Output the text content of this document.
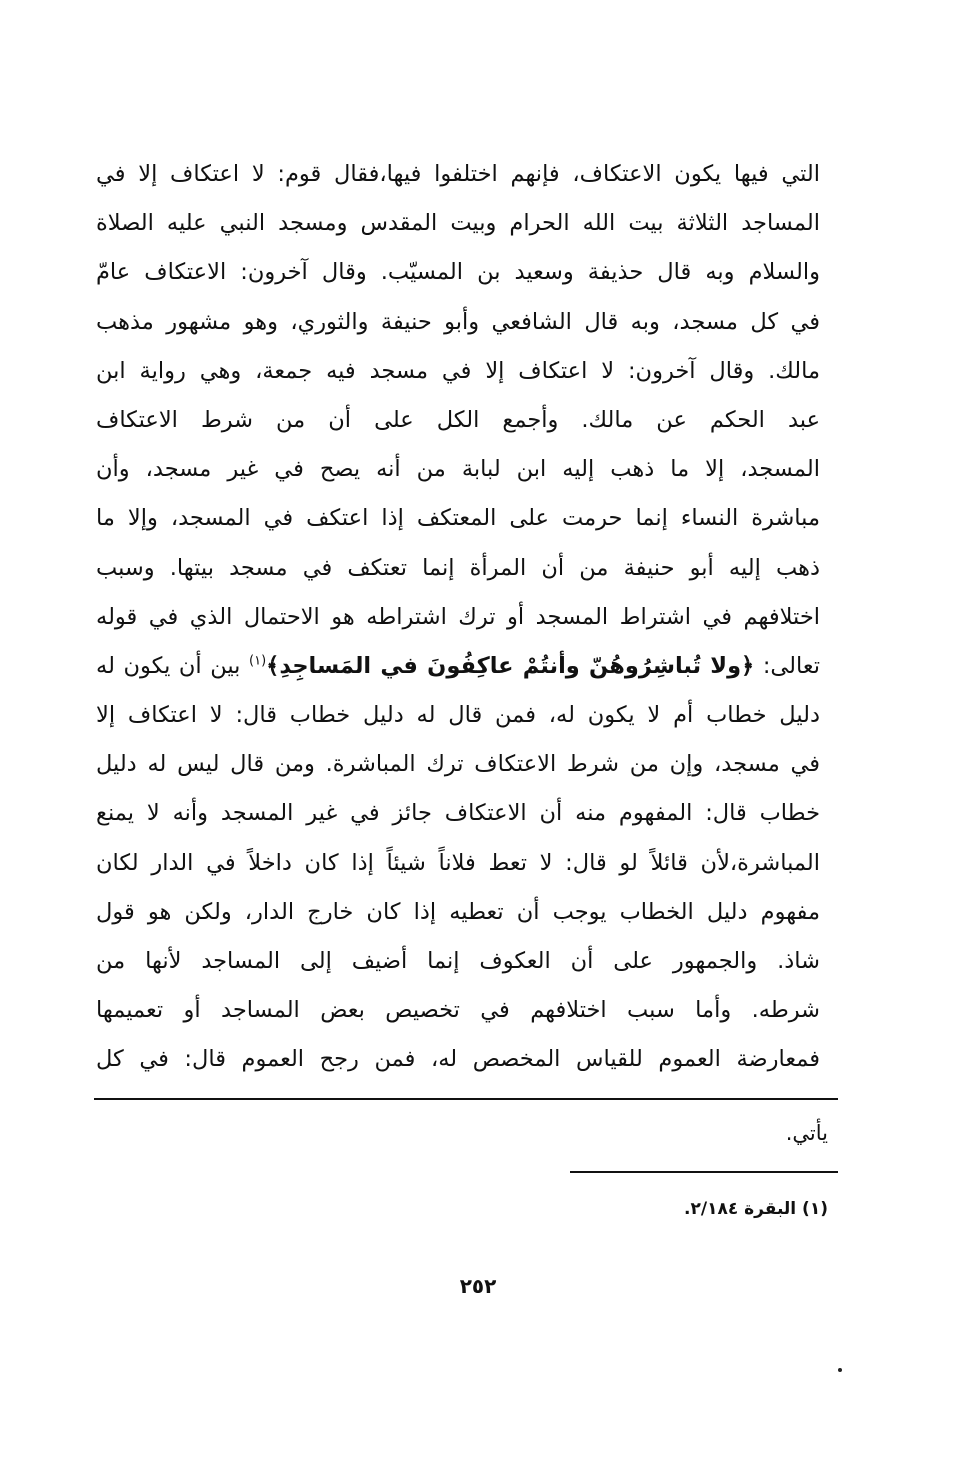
التي فيها يكون الاعتكاف، فإنهم اختلفوا فيها،فقال قوم: لا اعتكاف إلا في
المساجد الثلاثة بيت الله الحرام وبيت المقدس ومسجد النبي عليه الصلاة
والسلام وبه قال حذيفة وسعيد بن المسيّب. وقال آخرون: الاعتكاف عامّ
في كل مسجد، وبه قال الشافعي وأبو حنيفة والثوري، وهو مشهور مذهب
مالك. وقال آخرون: لا اعتكاف إلا في مسجد فيه جمعة، وهي رواية ابن
عبد الحكم عن مالك. وأجمع الكل على أن من شرط الاعتكاف
المسجد، إلا ما ذهب إليه ابن لبابة من أنه يصح في غير مسجد، وأن
مباشرة النساء إنما حرمت على المعتكف إذا اعتكف في المسجد، وإلا ما
ذهب إليه أبو حنيفة من أن المرأة إنما تعتكف في مسجد بيتها. وسبب
اختلافهم في اشتراط المسجد أو ترك اشتراطه هو الاحتمال الذي في قوله
تعالى: ﴿ولا تُباشِرُوهُنّ وأنتُمْ عاكِفُونَ في المَساجِدِ﴾$^{(١)}$ بين أن يكون له
دليل خطاب أم لا يكون له، فمن قال له دليل خطاب قال: لا اعتكاف إلا
في مسجد، وإن من شرط الاعتكاف ترك المباشرة. ومن قال ليس له دليل
خطاب قال: المفهوم منه أن الاعتكاف جائز في غير المسجد وأنه لا يمنع
المباشرة،لأن قائلاً لو قال: لا تعط فلاناً شيئاً إذا كان داخلاً في الدار لكان
مفهوم دليل الخطاب يوجب أن تعطيه إذا كان خارج الدار، ولكن هو قول
شاذ. والجمهور على أن العكوف إنما أضيف إلى المساجد لأنها من
شرطه. وأما سبب اختلافهم في تخصيص بعض المساجد أو تعميمها
فمعارضة العموم للقياس المخصص له، فمن رجح العموم قال: في كل
يأتي.
(١) البقرة ٢/١٨٤.
٢٥٢
